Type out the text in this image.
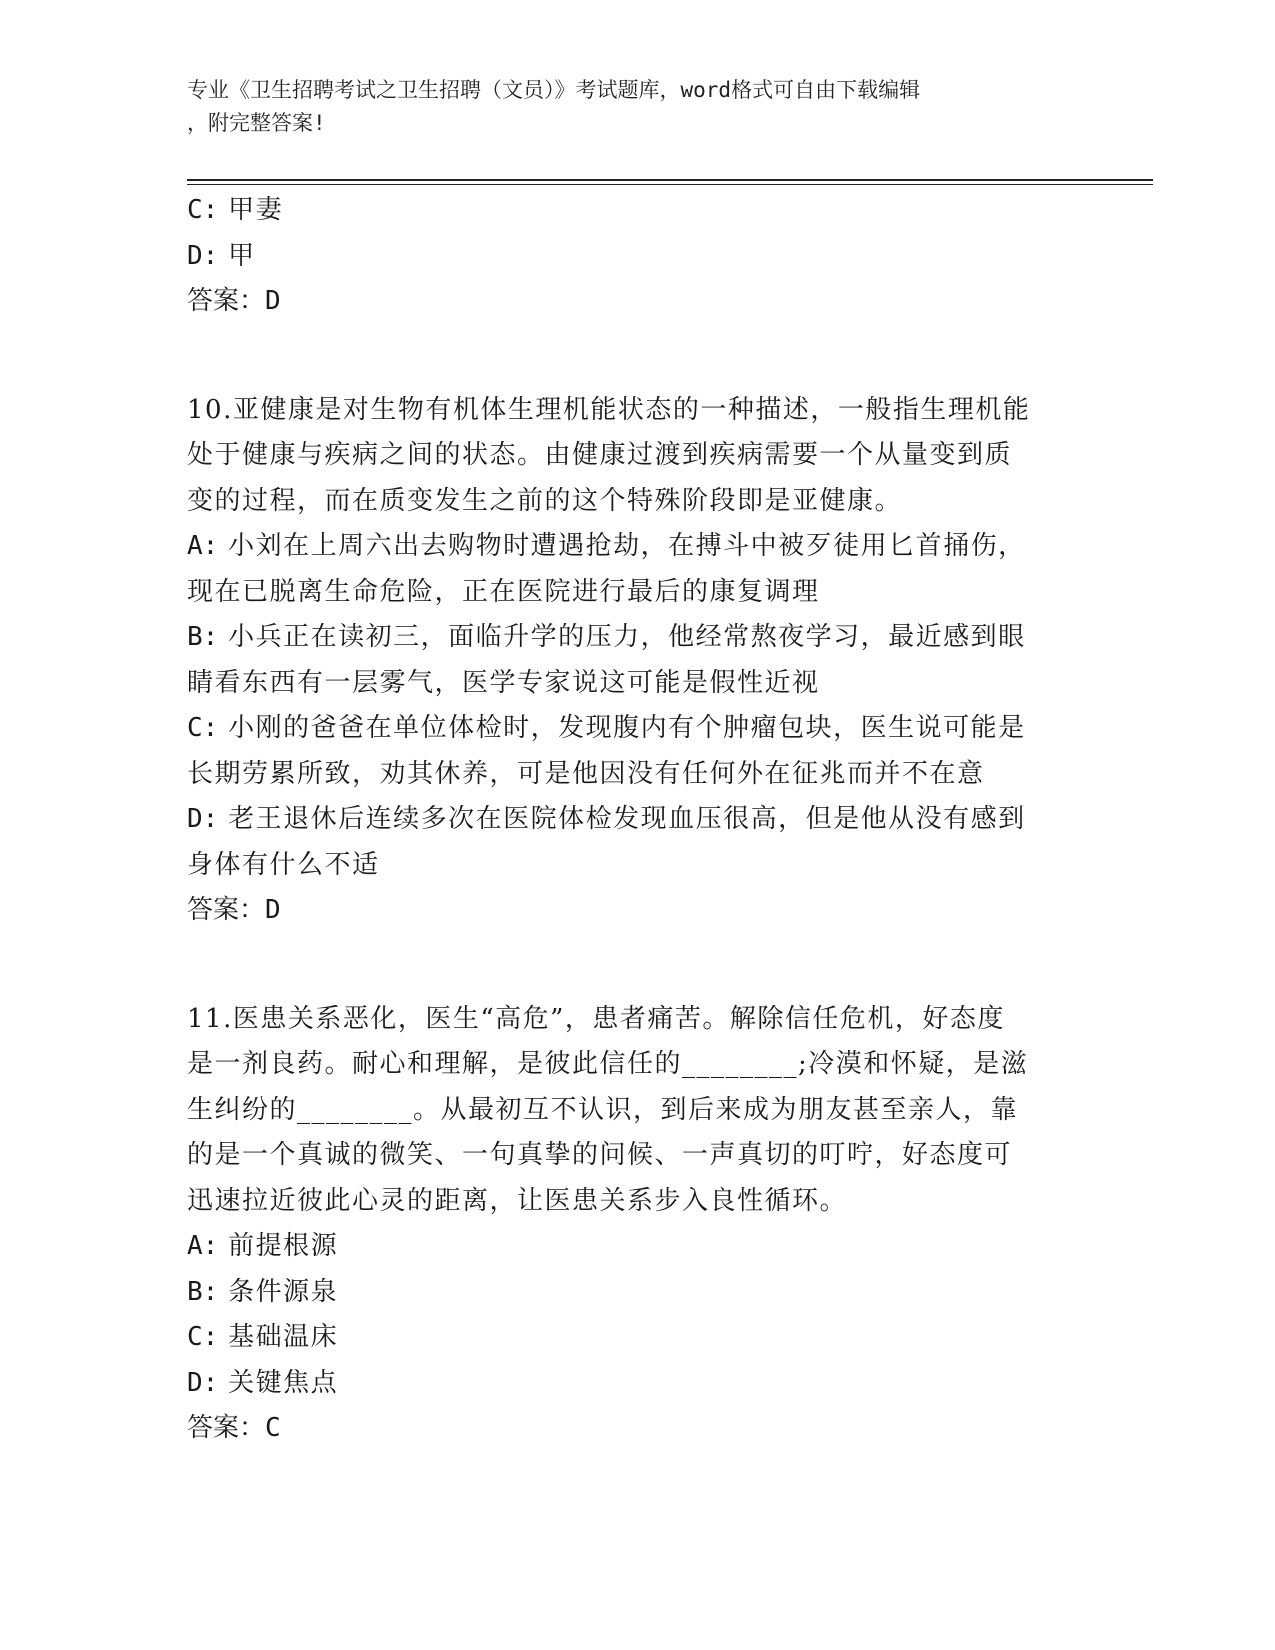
专业《卫生招聘考试之卫生招聘（文员）》考试题库，word格式可自由下载编辑
，附完整答案!
C: 甲妻
D: 甲
答案：D
10.亚健康是对生物有机体生理机能状态的一种描述，一般指生理机能
处于健康与疾病之间的状态。由健康过渡到疾病需要一个从量变到质
变的过程，而在质变发生之前的这个特殊阶段即是亚健康。
A: 小刘在上周六出去购物时遭遇抢劫，在搏斗中被歹徒用匕首捅伤，
现在已脱离生命危险，正在医院进行最后的康复调理
B: 小兵正在读初三，面临升学的压力，他经常熬夜学习，最近感到眼
睛看东西有一层雾气，医学专家说这可能是假性近视
C: 小刚的爸爸在单位体检时，发现腹内有个肿瘤包块，医生说可能是
长期劳累所致，劝其休养，可是他因没有任何外在征兆而并不在意
D: 老王退休后连续多次在医院体检发现血压很高，但是他从没有感到
身体有什么不适
答案：D
11.医患关系恶化，医生“高危”，患者痛苦。解除信任危机，好态度
是一剂良药。耐心和理解，是彼此信任的________;冷漠和怀疑，是滋
生纠纷的________。从最初互不认识，到后来成为朋友甚至亲人，靠
的是一个真诚的微笑、一句真挚的问候、一声真切的叮咛，好态度可
迅速拉近彼此心灵的距离，让医患关系步入良性循环。
A: 前提根源
B: 条件源泉
C: 基础温床
D: 关键焦点
答案：C
